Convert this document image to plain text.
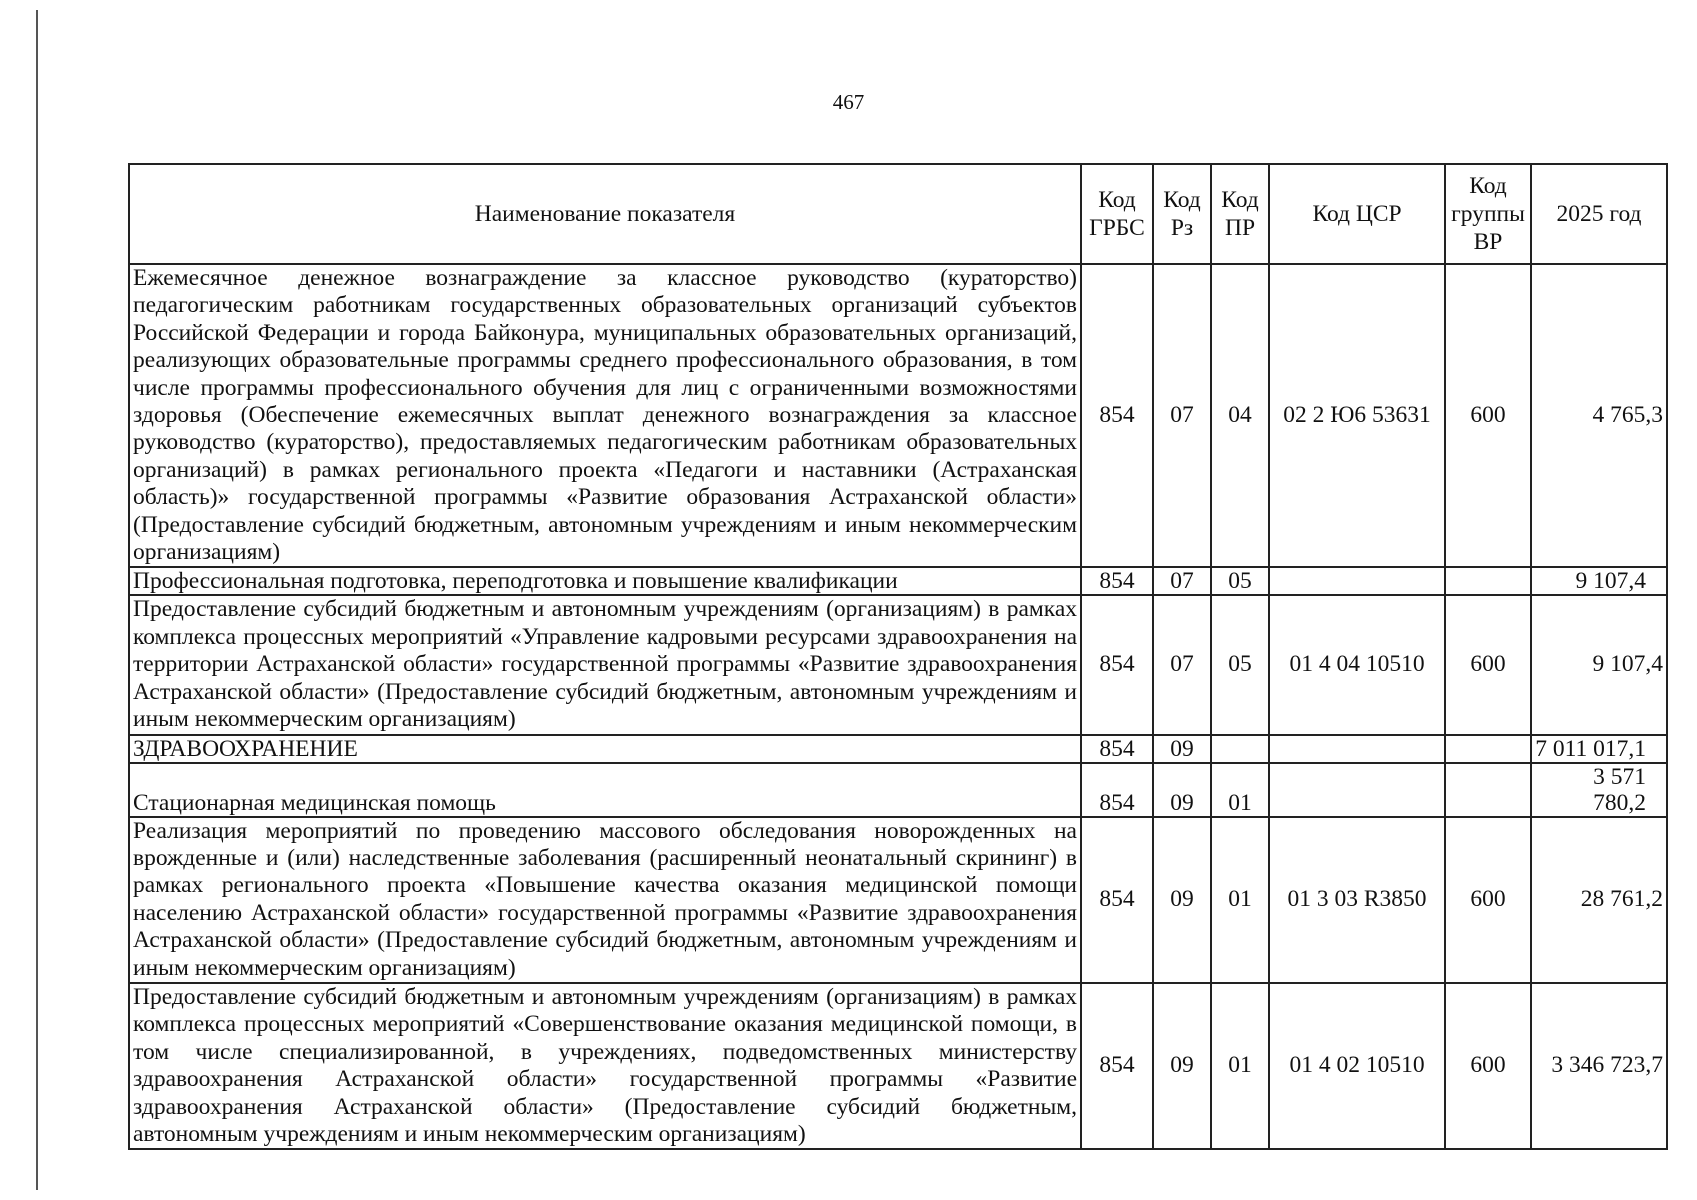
467
Наименование показателя	Код ГРБС	Код Рз	Код ПР	Код ЦСР	Код группы ВР	2025 год
Ежемесячное денежное вознаграждение за классное руководство (кураторство) педагогическим работникам государственных образовательных организаций субъектов Российской Федерации и города Байконура, муниципальных образовательных организаций, реализующих образовательные программы среднего профессионального образования, в том числе программы профессионального обучения для лиц с ограниченными возможностями здоровья (Обеспечение ежемесячных выплат денежного вознаграждения за классное руководство (кураторство), предоставляемых педагогическим работникам образовательных организаций) в рамках регионального проекта «Педагоги и наставники (Астраханская область)» государственной программы «Развитие образования Астраханской области» (Предоставление субсидий бюджетным, автономным учреждениям и иным некоммерческим организациям)	854	07	04	02 2 Ю6 53631	600	4 765,3
Профессиональная подготовка, переподготовка и повышение квалификации	854	07	05			9 107,4
Предоставление субсидий бюджетным и автономным учреждениям (организациям) в рамках комплекса процессных мероприятий «Управление кадровыми ресурсами здравоохранения на территории Астраханской области» государственной программы «Развитие здравоохранения Астраханской области» (Предоставление субсидий бюджетным, автономным учреждениям и иным некоммерческим организациям)	854	07	05	01 4 04 10510	600	9 107,4
ЗДРАВООХРАНЕНИЕ	854	09				7 011 017,1
Стационарная медицинская помощь	854	09	01			3 571 780,2
Реализация мероприятий по проведению массового обследования новорожденных на врожденные и (или) наследственные заболевания (расширенный неонатальный скрининг) в рамках регионального проекта «Повышение качества оказания медицинской помощи населению Астраханской области» государственной программы «Развитие здравоохранения Астраханской области» (Предоставление субсидий бюджетным, автономным учреждениям и иным некоммерческим организациям)	854	09	01	01 3 03 R3850	600	28 761,2
Предоставление субсидий бюджетным и автономным учреждениям (организациям) в рамках комплекса процессных мероприятий «Совершенствование оказания медицинской помощи, в том числе специализированной, в учреждениях, подведомственных министерству здравоохранения Астраханской области» государственной программы «Развитие здравоохранения Астраханской области» (Предоставление субсидий бюджетным, автономным учреждениям и иным некоммерческим организациям)	854	09	01	01 4 02 10510	600	3 346 723,7
